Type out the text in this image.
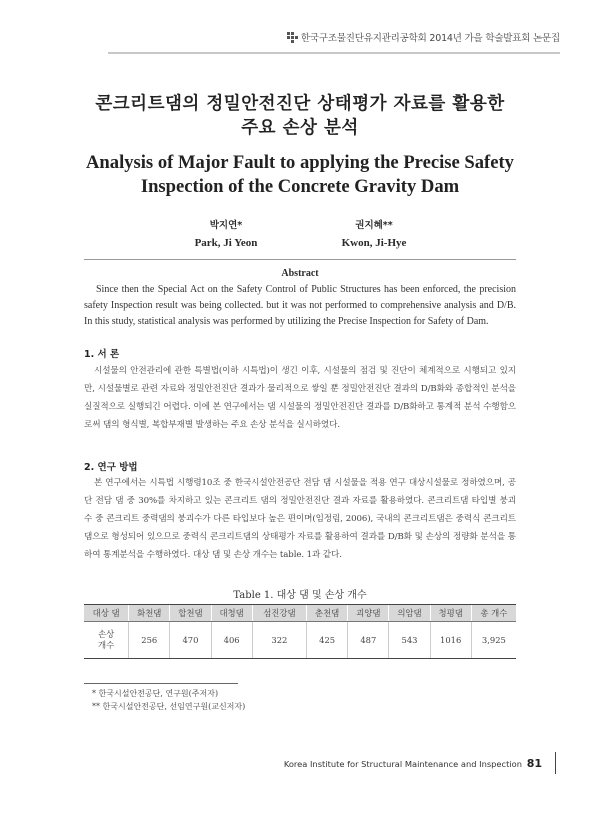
한국구조물진단유지관리공학회 2014년 가을 학술발표회 논문집
콘크리트댐의 정밀안전진단 상태평가 자료를 활용한
주요 손상 분석
Analysis of Major Fault to applying the Precise Safety
Inspection of the Concrete Gravity Dam
박지연*
Park, Ji Yeon
권지혜**
Kwon, Ji-Hye
Abstract
Since then the Special Act on the Safety Control of Public Structures has been enforced, the precision safety Inspection result was being collected. but it was not performed to comprehensive analysis and D/B. In this study, statistical analysis was performed by utilizing the Precise Inspection for Safety of Dam.
1. 서 론
시설물의 안전관리에 관한 특별법(이하 시특법)이 생긴 이후, 시설물의 점검 및 진단이 체계적으로 시행되고 있지만, 시설물별로 관련 자료와 정밀안전진단 결과가 물리적으로 쌓일 뿐 정밀안전진단 결과의 D/B화와 종합적인 분석을 실질적으로 실행되긴 어렵다. 이에 본 연구에서는 댐 시설물의 정밀안전진단 결과를 D/B화하고 통계적 분석 수행함으로써 댐의 형식별, 복합부재별 발생하는 주요 손상 분석을 실시하였다.
2. 연구 방법
본 연구에서는 시특법 시행령10조 중 한국시설안전공단 전담 댐 시설물을 적용 연구 대상시설물로 정하였으며, 공단 전담 댐 중 30%를 차지하고 있는 콘크리트 댐의 정밀안전진단 결과 자료를 활용하였다. 콘크리트댐 타입별 붕괴 수 중 콘크리트 중력댐의 붕괴수가 다른 타입보다 높은 편이며(임정림, 2006), 국내의 콘크리트댐은 중력식 콘크리트댐으로 형성되어 있으므로 중력식 콘크리트댐의 상태평가 자료를 활용하여 결과를 D/B화 및 손상의 정량화 분석을 통하여 통계분석을 수행하였다. 대상 댐 및 손상 개수는 table. 1과 같다.
Table 1. 대상 댐 및 손상 개수
대상 댐	화천댐	합천댐	대청댐	섬진강댐	춘천댐	괴양댐	의암댐	청평댐	총 개수

손상
개수	256	470	406	322	425	487	543	1016	3,925
* 한국시설안전공단, 연구원(주저자)
** 한국시설안전공단, 선임연구원(교신저자)
Korea Institute for Structural Maintenance and Inspection 81
